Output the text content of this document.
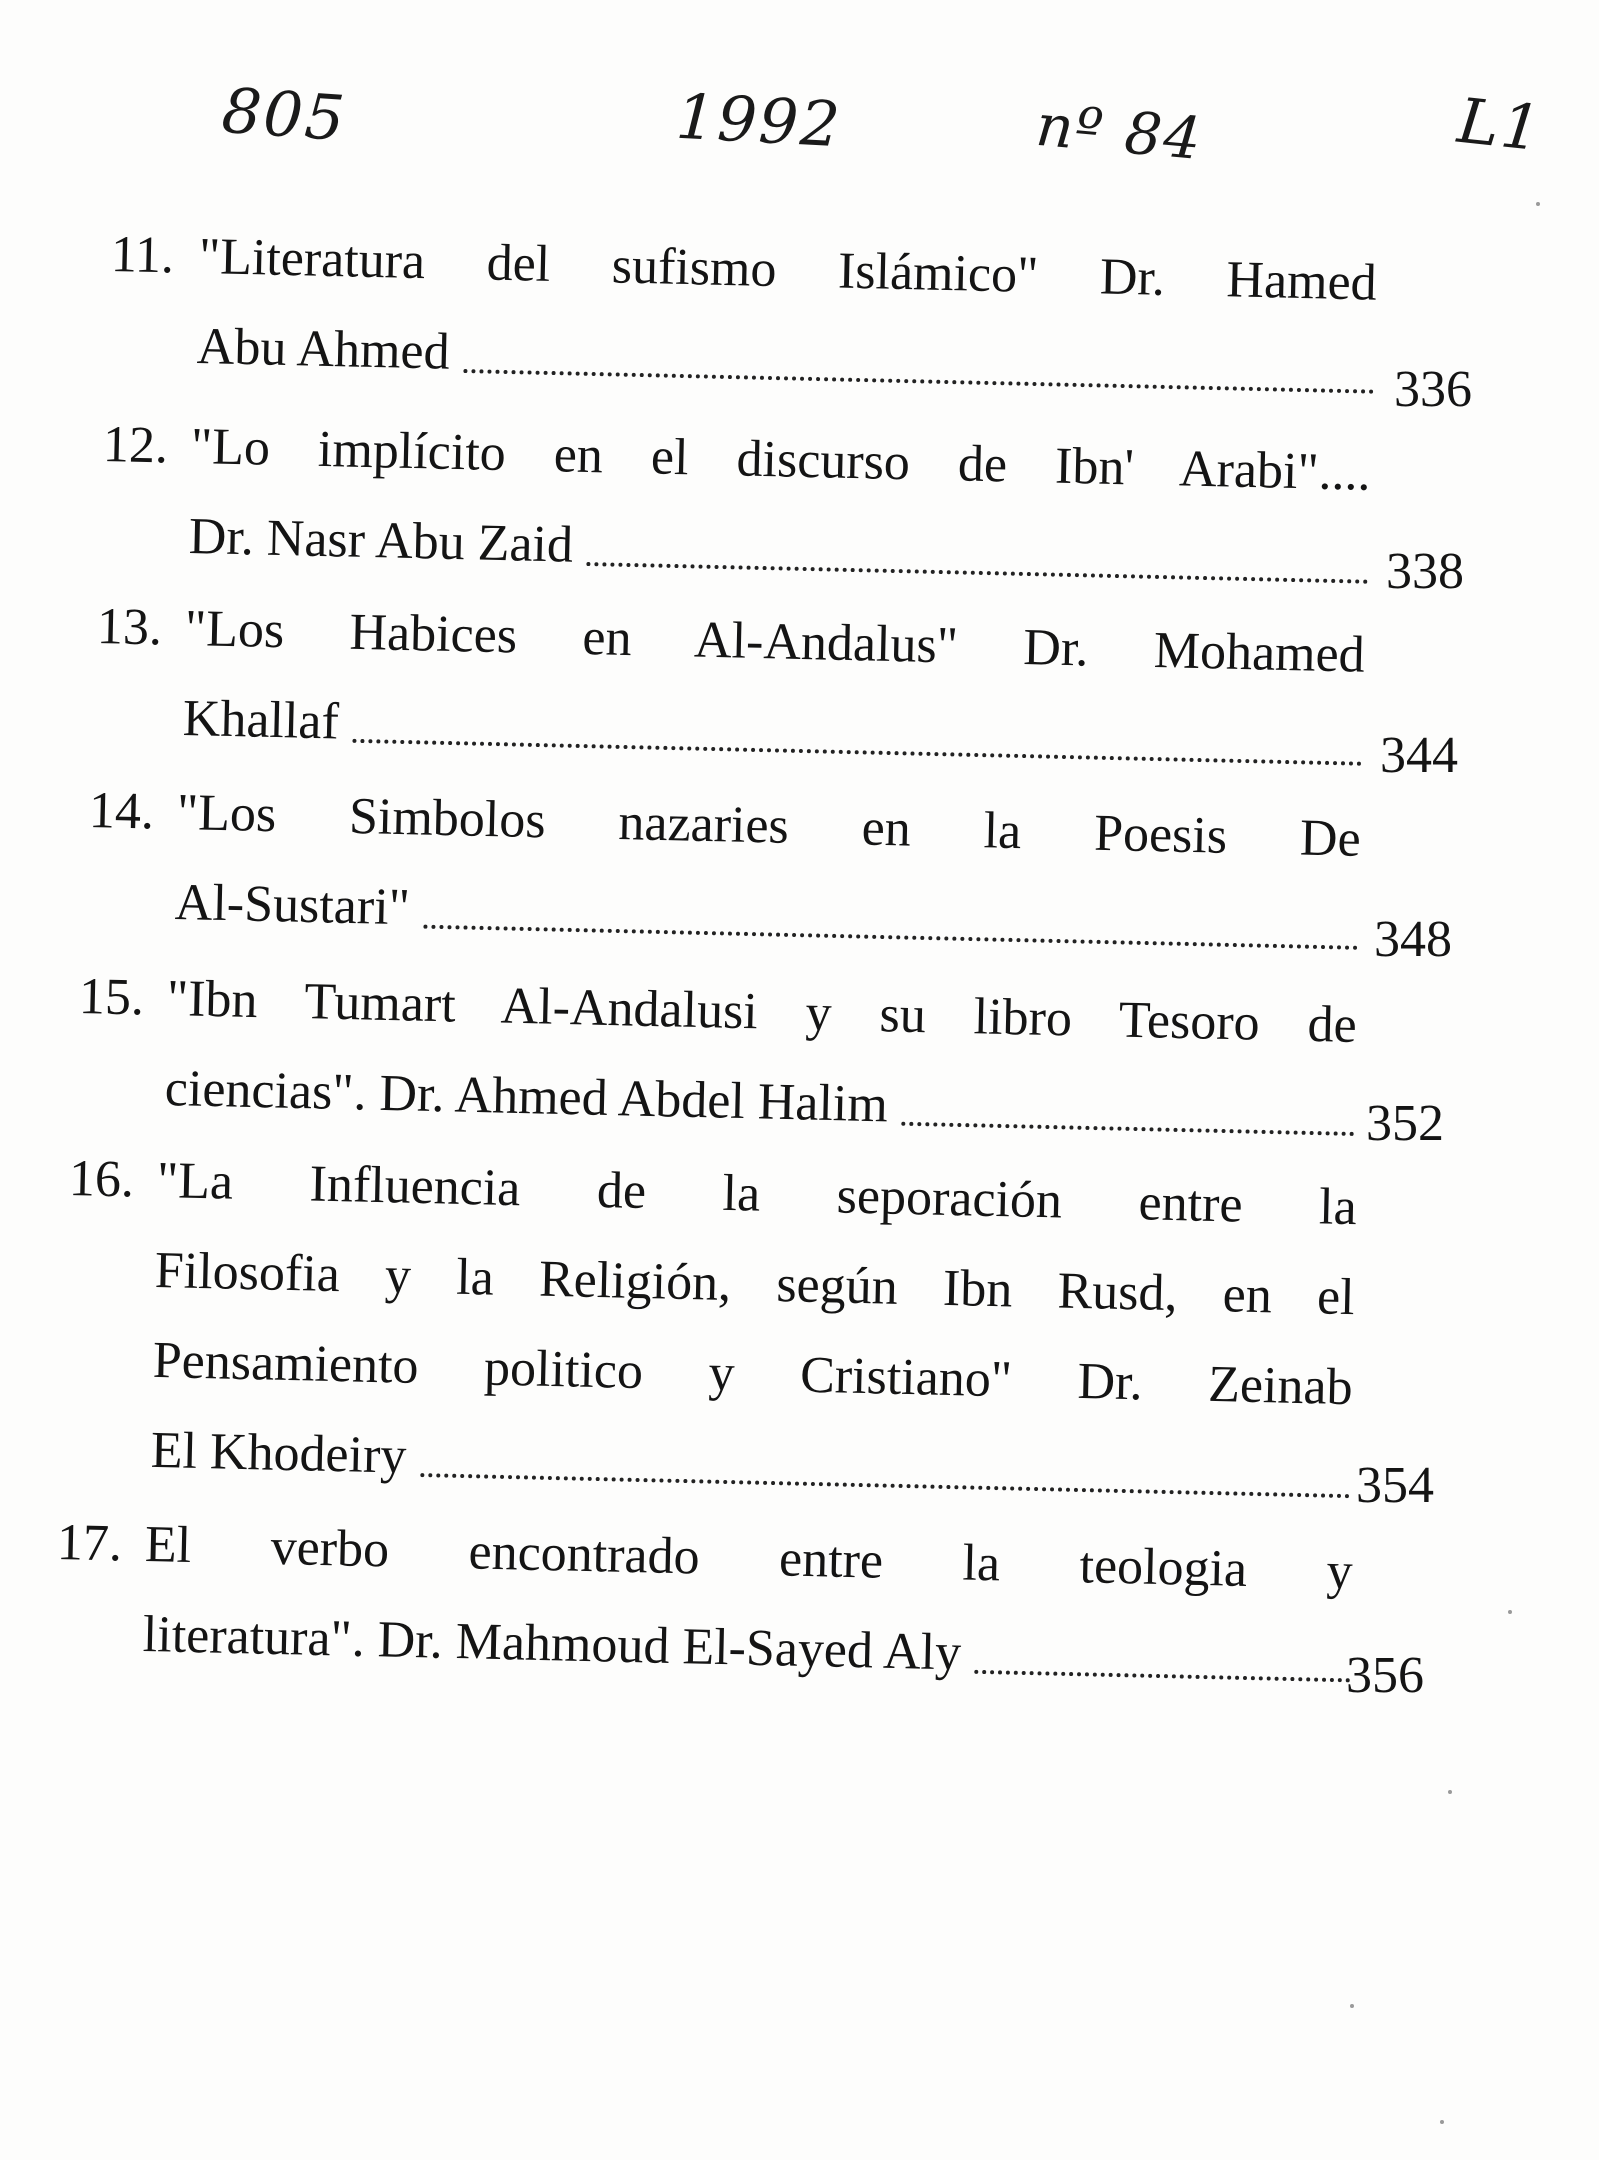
805	1992	nº 84	L1
11. "Literatura del sufismo Islámico" Dr. Hamed
Abu Ahmed
336
12. "Lo implícito en el discurso de Ibn' Arabi"....
Dr. Nasr Abu Zaid	338
13. "Los Habices en Al-Andalus" Dr. Mohamed
Khallaf
344
14. "Los Simbolos nazaries en la Poesis De
Al-Sustari"
348
15. "Ibn Tumart Al-Andalusi y su libro Tesoro de
ciencias". Dr. Ahmed Abdel Halim	352
16. "La Influencia de la seporación entre la
Filosofia y la Religión, según Ibn Rusd, en el
Pensamiento politico y Cristiano" Dr. Zeinab
El Khodeiry
354
17. El verbo encontrado entre la teologia y
literatura". Dr. Mahmoud El-Sayed Aly	356
